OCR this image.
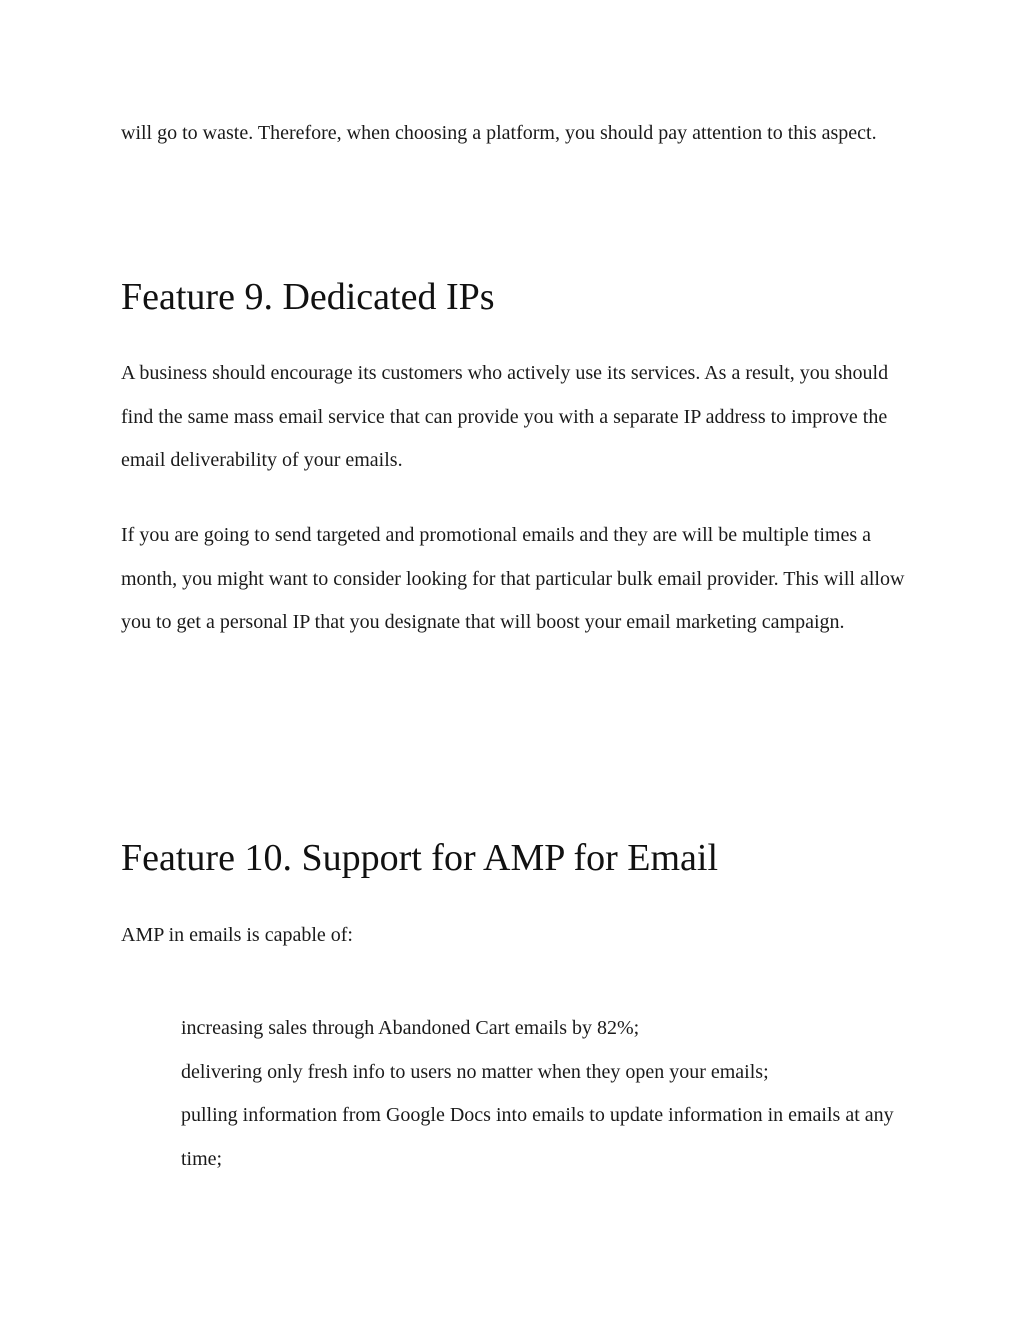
will go to waste. Therefore, when choosing a platform, you should pay attention to this aspect.

Feature 9. Dedicated IPs

A business should encourage its customers who actively use its services. As a result, you should find the same mass email service that can provide you with a separate IP address to improve the email deliverability of your emails.

If you are going to send targeted and promotional emails and they are will be multiple times a month, you might want to consider looking for that particular bulk email provider. This will allow you to get a personal IP that you designate that will boost your email marketing campaign.

Feature 10. Support for AMP for Email

AMP in emails is capable of:

increasing sales through Abandoned Cart emails by 82%;
delivering only fresh info to users no matter when they open your emails;
pulling information from Google Docs into emails to update information in emails at any time;
